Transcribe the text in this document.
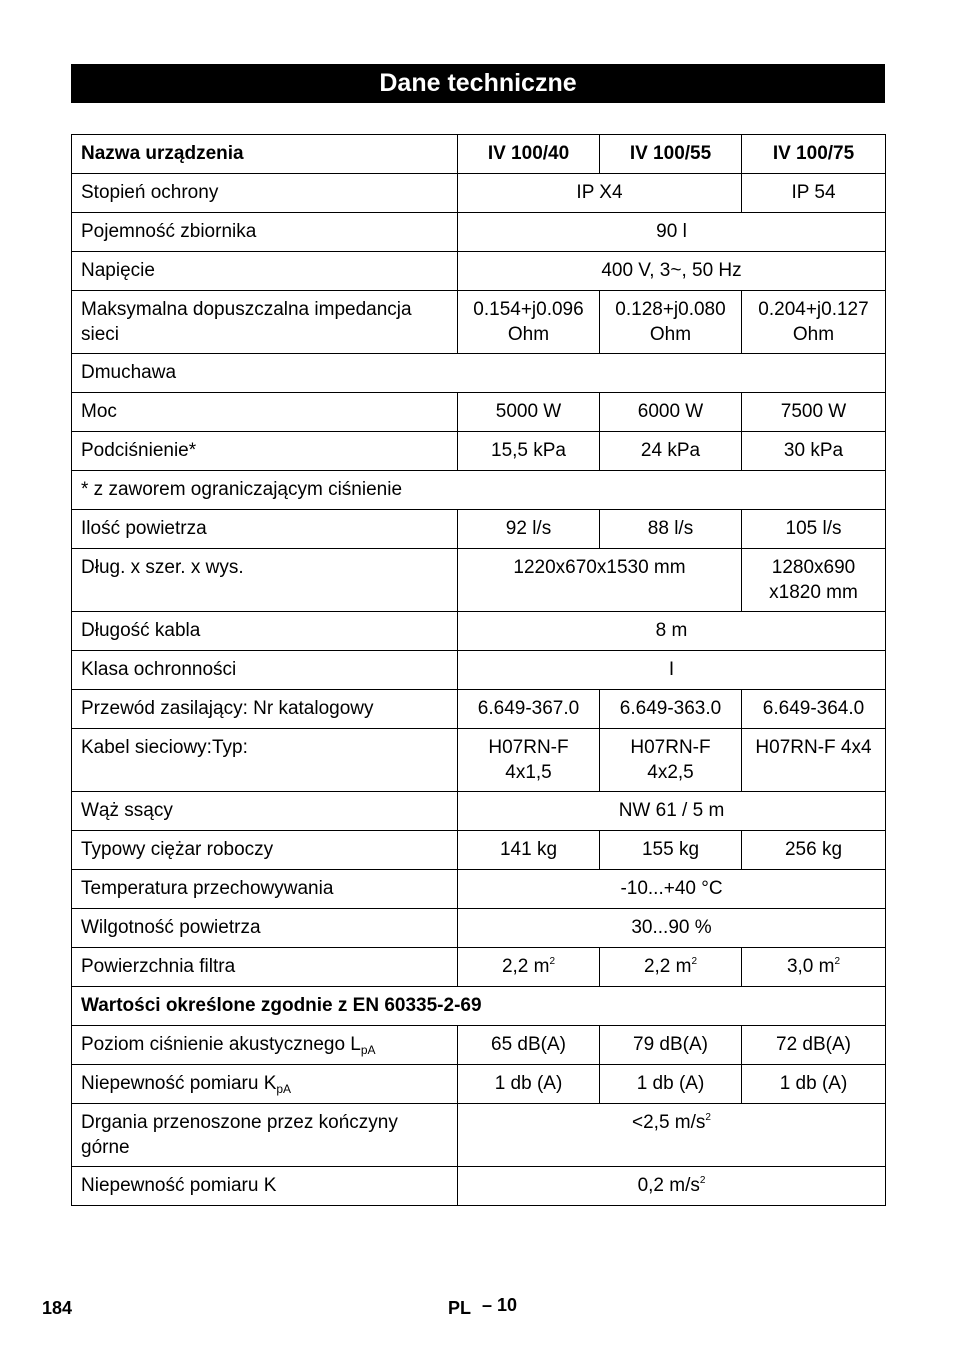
Dane techniczne
Nazwa urządzenia	IV 100/40	IV 100/55	IV 100/75
Stopień ochrony	IP X4		IP 54
Pojemność zbiornika	90 l		
Napięcie	400 V, 3~, 50 Hz		
Maksymalna dopuszczalna impedancja sieci	0.154+j0.096 Ohm	0.128+j0.080 Ohm	0.204+j0.127 Ohm
Dmuchawa			
Moc	5000 W	6000 W	7500 W
Podciśnienie*	15,5 kPa	24 kPa	30 kPa
* z zaworem ograniczającym ciśnienie			
Ilość powietrza	92 l/s	88 l/s	105 l/s
Dług. x szer. x wys.	1220x670x1530 mm		1280x690 x1820 mm
Długość kabla	8 m		
Klasa ochronności	I		
Przewód zasilający: Nr katalogowy	6.649-367.0	6.649-363.0	6.649-364.0
Kabel sieciowy:Typ:	H07RN-F 4x1,5	H07RN-F 4x2,5	H07RN-F 4x4
Wąż ssący	NW 61 / 5 m		
Typowy ciężar roboczy	141 kg	155 kg	256 kg
Temperatura przechowywania	-10...+40 °C		
Wilgotność powietrza	30...90 %		
Powierzchnia filtra	2,2 $m^2$	2,2 $m^2$	3,0 $m^2$
Wartości określone zgodnie z EN 60335-2-69			
Poziom ciśnienie akustycznego $L_{pA}$	65 dB(A)	79 dB(A)	72 dB(A)
Niepewność pomiaru $K_{pA}$	1 db (A)	1 db (A)	1 db (A)
Drgania przenoszone przez kończyny górne	<2,5 $m/s^2$
Niepewność pomiaru K	0,2 $m/s^2$
184	PL – 10
